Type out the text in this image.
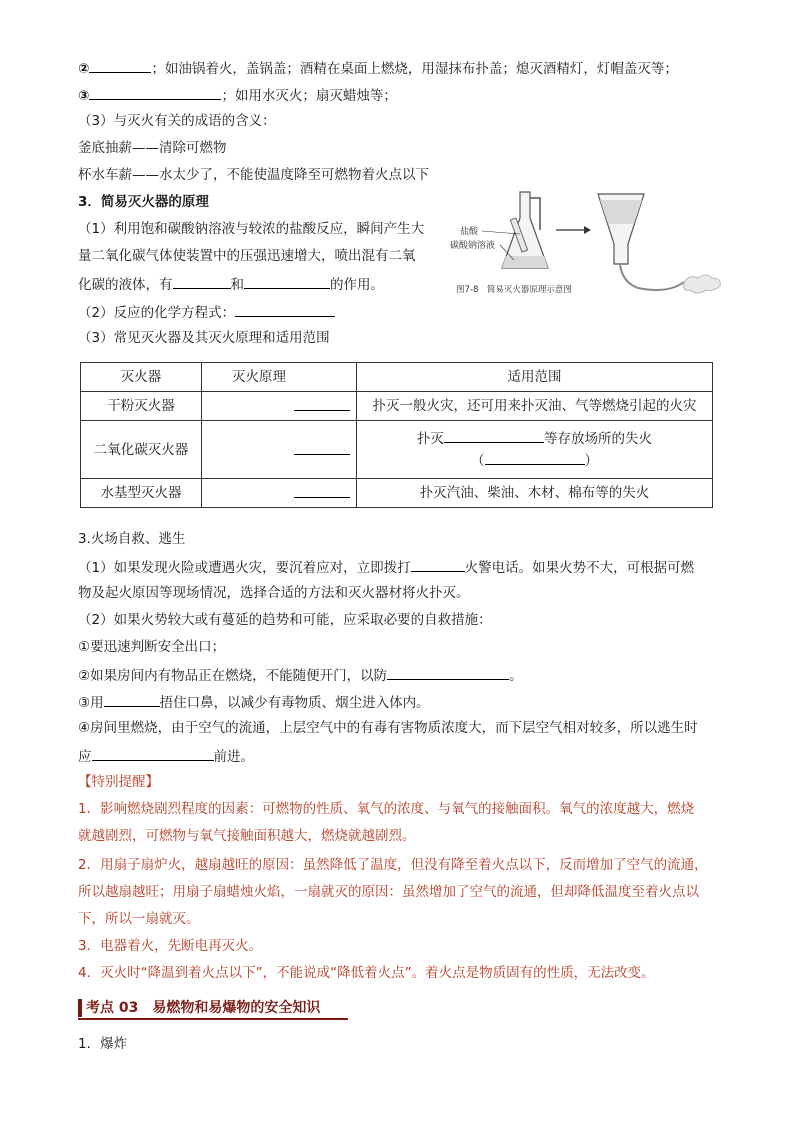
②	；如油锅着火，盖锅盖；酒精在桌面上燃烧，用湿抹布扑盖；熄灭酒精灯，灯帽盖灭等；
③	；如用水灭火；扇灭蜡烛等；
（3）与灭火有关的成语的含义：
釜底抽薪——清除可燃物
杯水车薪——水太少了，不能使温度降至可燃物着火点以下
3．简易灭火器的原理
（1）利用饱和碳酸钠溶液与较浓的盐酸反应，瞬间产生大
量二氧化碳气体使装置中的压强迅速增大，喷出混有二氧
化碳的液体，有	和	的作用。
（2）反应的化学方程式：
（3）常见灭火器及其灭火原理和适用范围
盐酸
碳酸钠溶液
图7-8　简易灭火器原理示意图
灭火器	灭火原理	适用范围
干粉灭火器		扑灭一般火灾，还可用来扑灭油、气等燃烧引起的火灾
二氧化碳灭火器		扑灭 等存放场所的失火
（ ）

水基型灭火器		扑灭汽油、柴油、木材、棉布等的失火
3.火场自救、逃生
（1）如果发现火险或遭遇火灾，要沉着应对，立即拨打	火警电话。如果火势不大，可根据可燃
物及起火原因等现场情况，选择合适的方法和灭火器材将火扑灭。
（2）如果火势较大或有蔓延的趋势和可能，应采取必要的自救措施：
①要迅速判断安全出口；
②如果房间内有物品正在燃烧，不能随便开门，以防	。
③用	捂住口鼻，以减少有毒物质、烟尘进入体内。
④房间里燃烧，由于空气的流通，上层空气中的有毒有害物质浓度大，而下层空气相对较多，所以逃生时
应	前进。
【特别提醒】
1．影响燃烧剧烈程度的因素：可燃物的性质、氧气的浓度、与氧气的接触面积。氧气的浓度越大，燃烧
就越剧烈，可燃物与氧气接触面积越大，燃烧就越剧烈。
2．用扇子扇炉火，越扇越旺的原因：虽然降低了温度，但没有降至着火点以下，反而增加了空气的流通，
所以越扇越旺；用扇子扇蜡烛火焰，一扇就灭的原因：虽然增加了空气的流通，但却降低温度至着火点以
下，所以一扇就灭。
3．电器着火，先断电再灭火。
4．灭火时“降温到着火点以下”，不能说成“降低着火点”。着火点是物质固有的性质，无法改变。
考点 03　易燃物和易爆物的安全知识
1．爆炸
